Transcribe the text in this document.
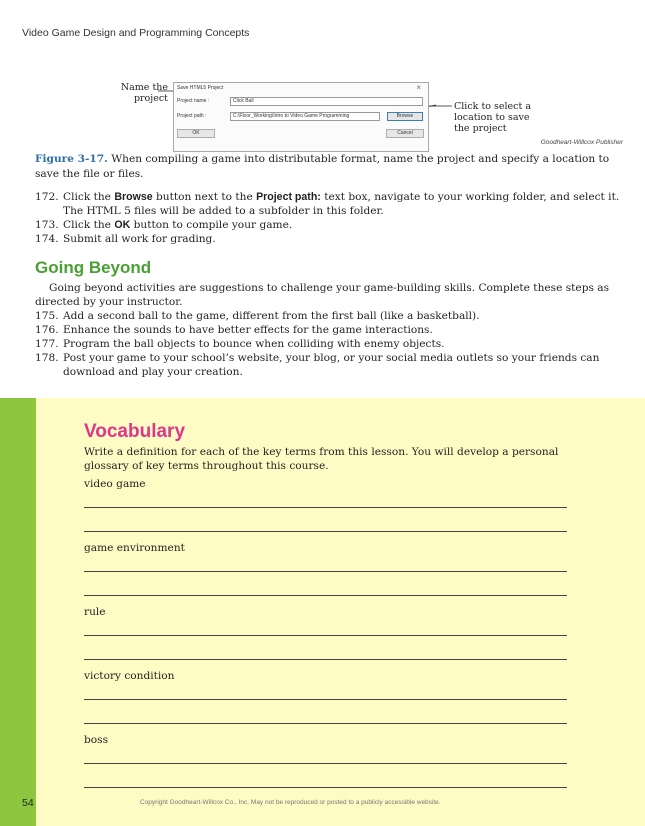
Video Game Design and Programming Concepts
Name the
project
Save HTML5 Project	×
Project name :	Click Ball
Project path :	C:\Floor_Working\Intro to Video Game Programming	Browse
OK	Cancel
Click to select a
location to save
the project
Goodheart-Willcox Publisher
Figure 3-17. When compiling a game into distributable format, name the project and specify a location to save the file or files.
172. Click the Browse button next to the Project path: text box, navigate to your working folder, and select it. The HTML 5 files will be added to a subfolder in this folder.
173. Click the OK button to compile your game.
174. Submit all work for grading.
Going Beyond
Going beyond activities are suggestions to challenge your game-building skills. Complete these steps as directed by your instructor.
175. Add a second ball to the game, different from the first ball (like a basketball).
176. Enhance the sounds to have better effects for the game interactions.
177. Program the ball objects to bounce when colliding with enemy objects.
178. Post your game to your school’s website, your blog, or your social media outlets so your friends can download and play your creation.
Vocabulary
Write a definition for each of the key terms from this lesson. You will develop a personal glossary of key terms throughout this course.
video game
game environment
rule
victory condition
boss
54	Copyright Goodheart-Willcox Co., Inc. May not be reproduced or posted to a publicly accessible website.
